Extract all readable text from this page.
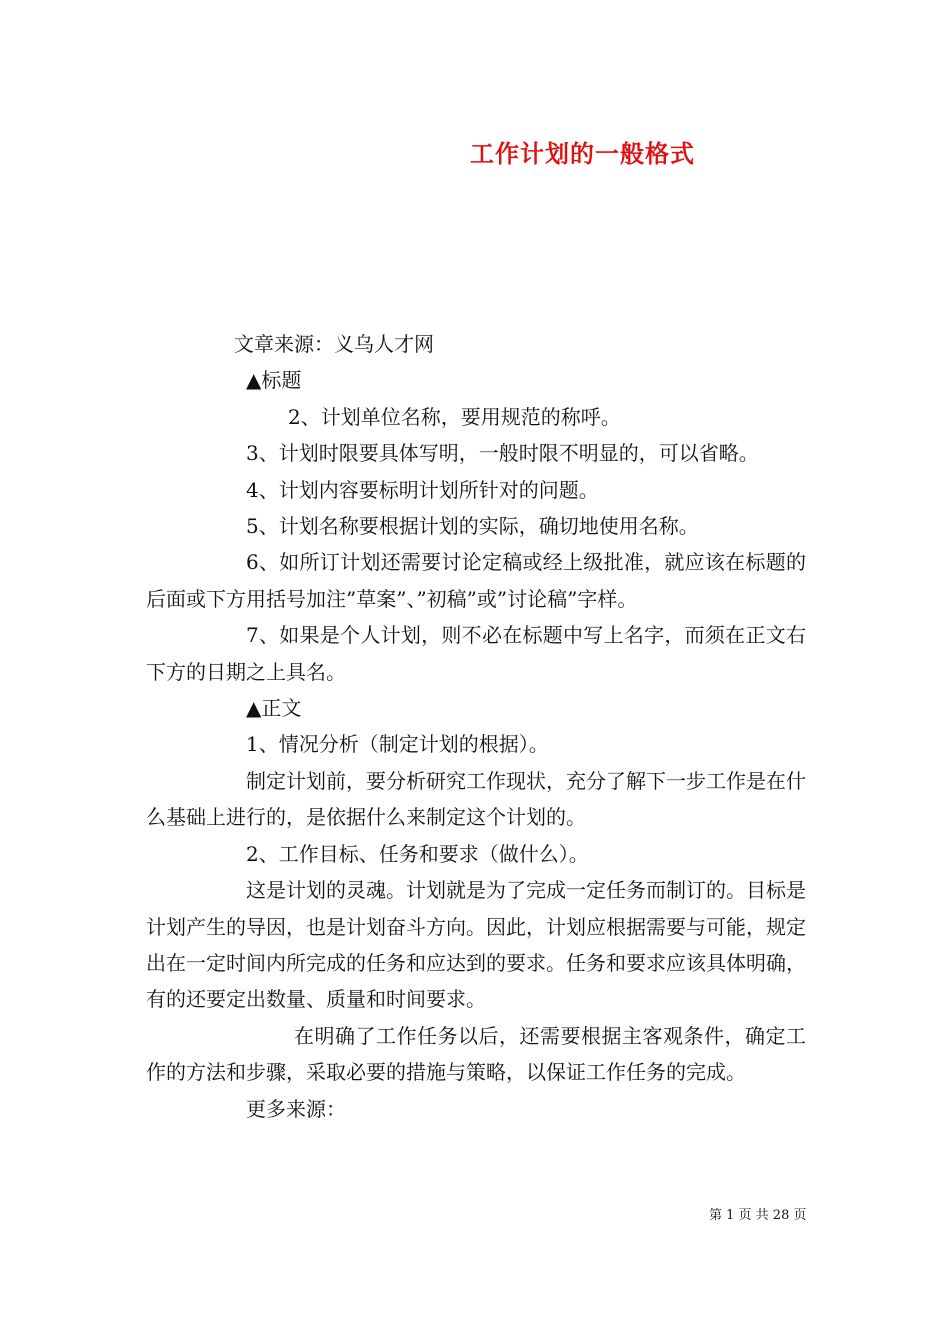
工作计划的一般格式

文章来源：义乌人才网

▲标题

2、计划单位名称，要用规范的称呼。

3、计划时限要具体写明，一般时限不明显的，可以省略。

4、计划内容要标明计划所针对的问题。

5、计划名称要根据计划的实际，确切地使用名称。

6、如所订计划还需要讨论定稿或经上级批准，就应该在标题的后面或下方用括号加注”草案”、”初稿”或”讨论稿”字样。

7、如果是个人计划，则不必在标题中写上名字，而须在正文右下方的日期之上具名。

▲正文

1、情况分析（制定计划的根据）。

制定计划前，要分析研究工作现状，充分了解下一步工作是在什么基础上进行的，是依据什么来制定这个计划的。

2、工作目标、任务和要求（做什么）。

这是计划的灵魂。计划就是为了完成一定任务而制订的。目标是计划产生的导因，也是计划奋斗方向。因此，计划应根据需要与可能，规定出在一定时间内所完成的任务和应达到的要求。任务和要求应该具体明确，有的还要定出数量、质量和时间要求。

在明确了工作任务以后，还需要根据主客观条件，确定工作的方法和步骤，采取必要的措施与策略，以保证工作任务的完成。

更多来源：

第 1 页 共 28 页
